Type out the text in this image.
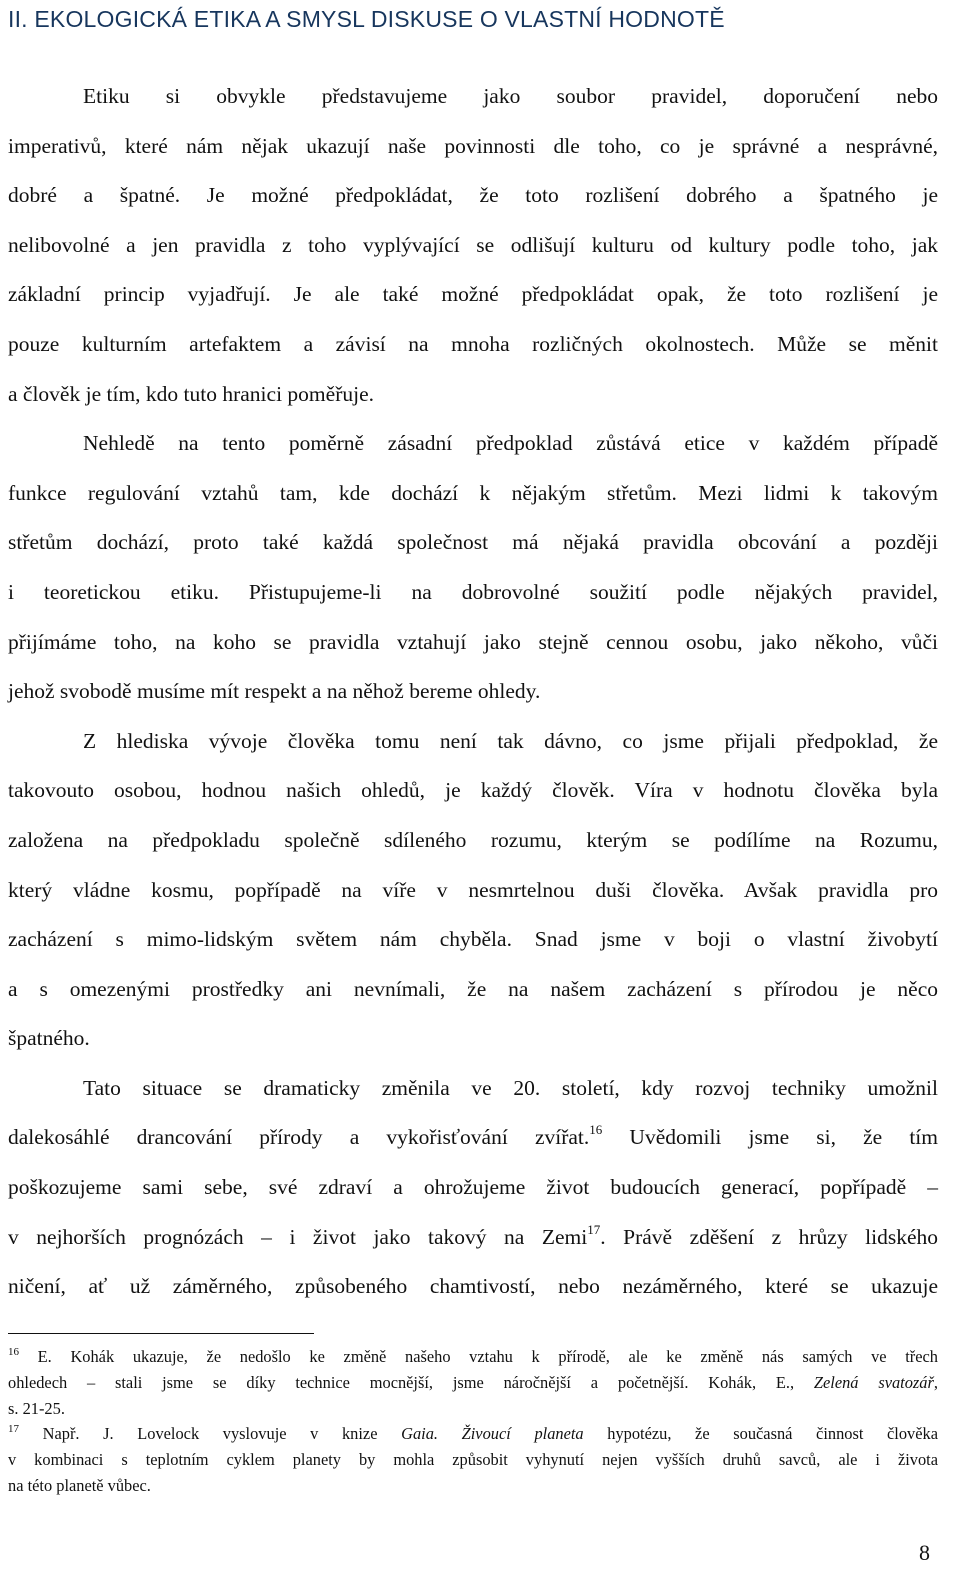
II. EKOLOGICKÁ ETIKA A SMYSL DISKUSE O VLASTNÍ HODNOTĚ
Etiku si obvykle představujeme jako soubor pravidel, doporučení nebo
imperativů, které nám nějak ukazují naše povinnosti dle toho, co je správné a nesprávné,
dobré a špatné. Je možné předpokládat, že toto rozlišení dobrého a špatného je
nelibovolné a jen pravidla z toho vyplývající se odlišují kulturu od kultury podle toho, jak
základní princip vyjadřují. Je ale také možné předpokládat opak, že toto rozlišení je
pouze kulturním artefaktem a závisí na mnoha rozličných okolnostech. Může se měnit
a člověk je tím, kdo tuto hranici poměřuje.
Nehledě na tento poměrně zásadní předpoklad zůstává etice v každém případě
funkce regulování vztahů tam, kde dochází k nějakým střetům. Mezi lidmi k takovým
střetům dochází, proto také každá společnost má nějaká pravidla obcování a později
i teoretickou etiku. Přistupujeme-li na dobrovolné soužití podle nějakých pravidel,
přijímáme toho, na koho se pravidla vztahují jako stejně cennou osobu, jako někoho, vůči
jehož svobodě musíme mít respekt a na něhož bereme ohledy.
Z hlediska vývoje člověka tomu není tak dávno, co jsme přijali předpoklad, že
takovouto osobou, hodnou našich ohledů, je každý člověk. Víra v hodnotu člověka byla
založena na předpokladu společně sdíleného rozumu, kterým se podílíme na Rozumu,
který vládne kosmu, popřípadě na víře v nesmrtelnou duši člověka. Avšak pravidla pro
zacházení s mimo-lidským světem nám chyběla. Snad jsme v boji o vlastní živobytí
a s omezenými prostředky ani nevnímali, že na našem zacházení s přírodou je něco
špatného.
Tato situace se dramaticky změnila ve 20. století, kdy rozvoj techniky umožnil
dalekosáhlé drancování přírody a vykořisťování zvířat.$^{16}$ Uvědomili jsme si, že tím
poškozujeme sami sebe, své zdraví a ohrožujeme život budoucích generací, popřípadě –
v nejhorších prognózách – i život jako takový na Zemi$^{17}$. Právě zděšení z hrůzy lidského
ničení, ať už záměrného, způsobeného chamtivostí, nebo nezáměrného, které se ukazuje
$^{16}$ E. Kohák ukazuje, že nedošlo ke změně našeho vztahu k přírodě, ale ke změně nás samých ve třech
ohledech – stali jsme se díky technice mocnější, jsme náročnější a početnější. Kohák, E., Zelená svatozář,
s. 21-25.
$^{17}$ Např. J. Lovelock vyslovuje v knize Gaia. Živoucí planeta hypotézu, že současná činnost člověka
v kombinaci s teplotním cyklem planety by mohla způsobit vyhynutí nejen vyšších druhů savců, ale i života
na této planetě vůbec.
8
